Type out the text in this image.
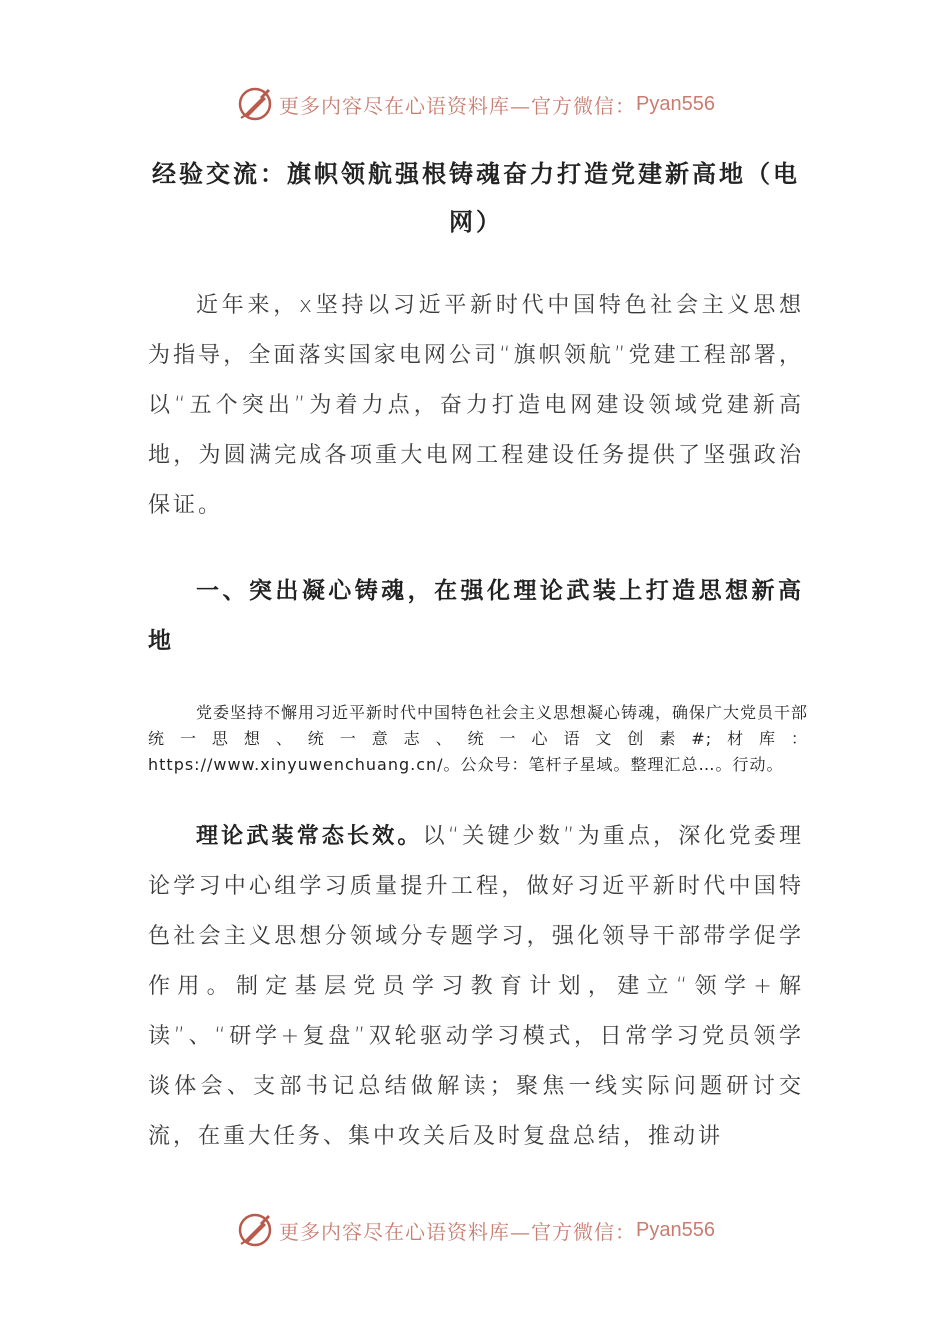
更多内容尽在心语资料库—官方微信： Pyan556
经验交流：旗帜领航强根铸魂奋力打造党建新高地（电网）
近年来，x坚持以习近平新时代中国特色社会主义思想为指导，全面落实国家电网公司“旗帜领航”党建工程部署，以“五个突出”为着力点，奋力打造电网建设领域党建新高地，为圆满完成各项重大电网工程建设任务提供了坚强政治保证。
一、突出凝心铸魂，在强化理论武装上打造思想新高地
党委坚持不懈用习近平新时代中国特色社会主义思想凝心铸魂，确保广大党员干部统一思想、统一意志、统一心语文创素#;材库：https://www.xinyuwenchuang.cn/。公众号：笔杆子星域。整理汇总…。行动。
理论武装常态长效。以“关键少数”为重点，深化党委理论学习中心组学习质量提升工程，做好习近平新时代中国特色社会主义思想分领域分专题学习，强化领导干部带学促学作用。制定基层党员学习教育计划，建立“领学+解读”、“研学+复盘”双轮驱动学习模式，日常学习党员领学谈体会、支部书记总结做解读；聚焦一线实际问题研讨交流，在重大任务、集中攻关后及时复盘总结，推动讲
更多内容尽在心语资料库—官方微信： Pyan556
